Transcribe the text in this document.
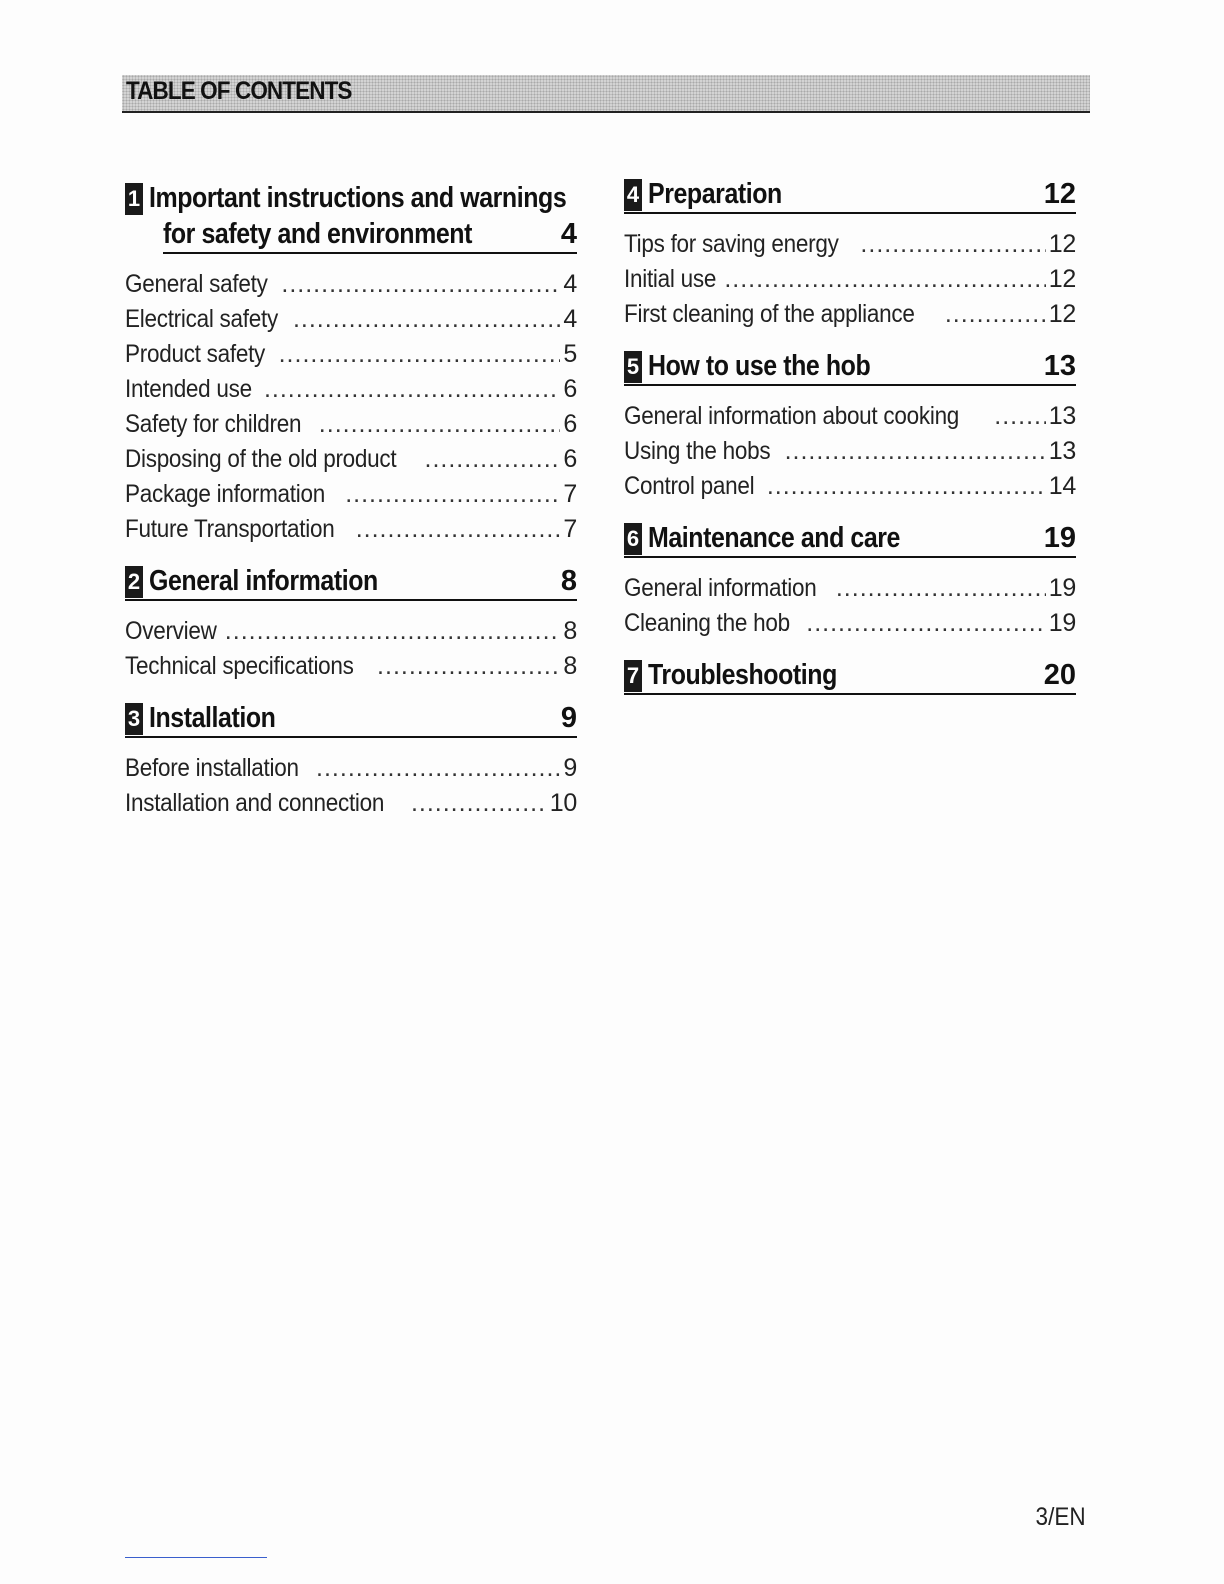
TABLE OF CONTENTS
1 Important instructions and warnings
for safety and environment	4
General safety .....	4
Electrical safety .....	4
Product safety .....	5
Intended use .....	6
Safety for children .....	6
Disposing of the old product .....	6
Package information .....	7
Future Transportation .....	7
2 General information	8
Overview .....	8
Technical specifications .....	8
3 Installation	9
Before installation .....	9
Installation and connection .....	10
4 Preparation	12
Tips for saving energy .....	12
Initial use .....	12
First cleaning of the appliance .....	12
5 How to use the hob	13
General information about cooking .....	13
Using the hobs .....	13
Control panel .....	14
6 Maintenance and care	19
General information .....	19
Cleaning the hob .....	19
7 Troubleshooting	20
3/EN
